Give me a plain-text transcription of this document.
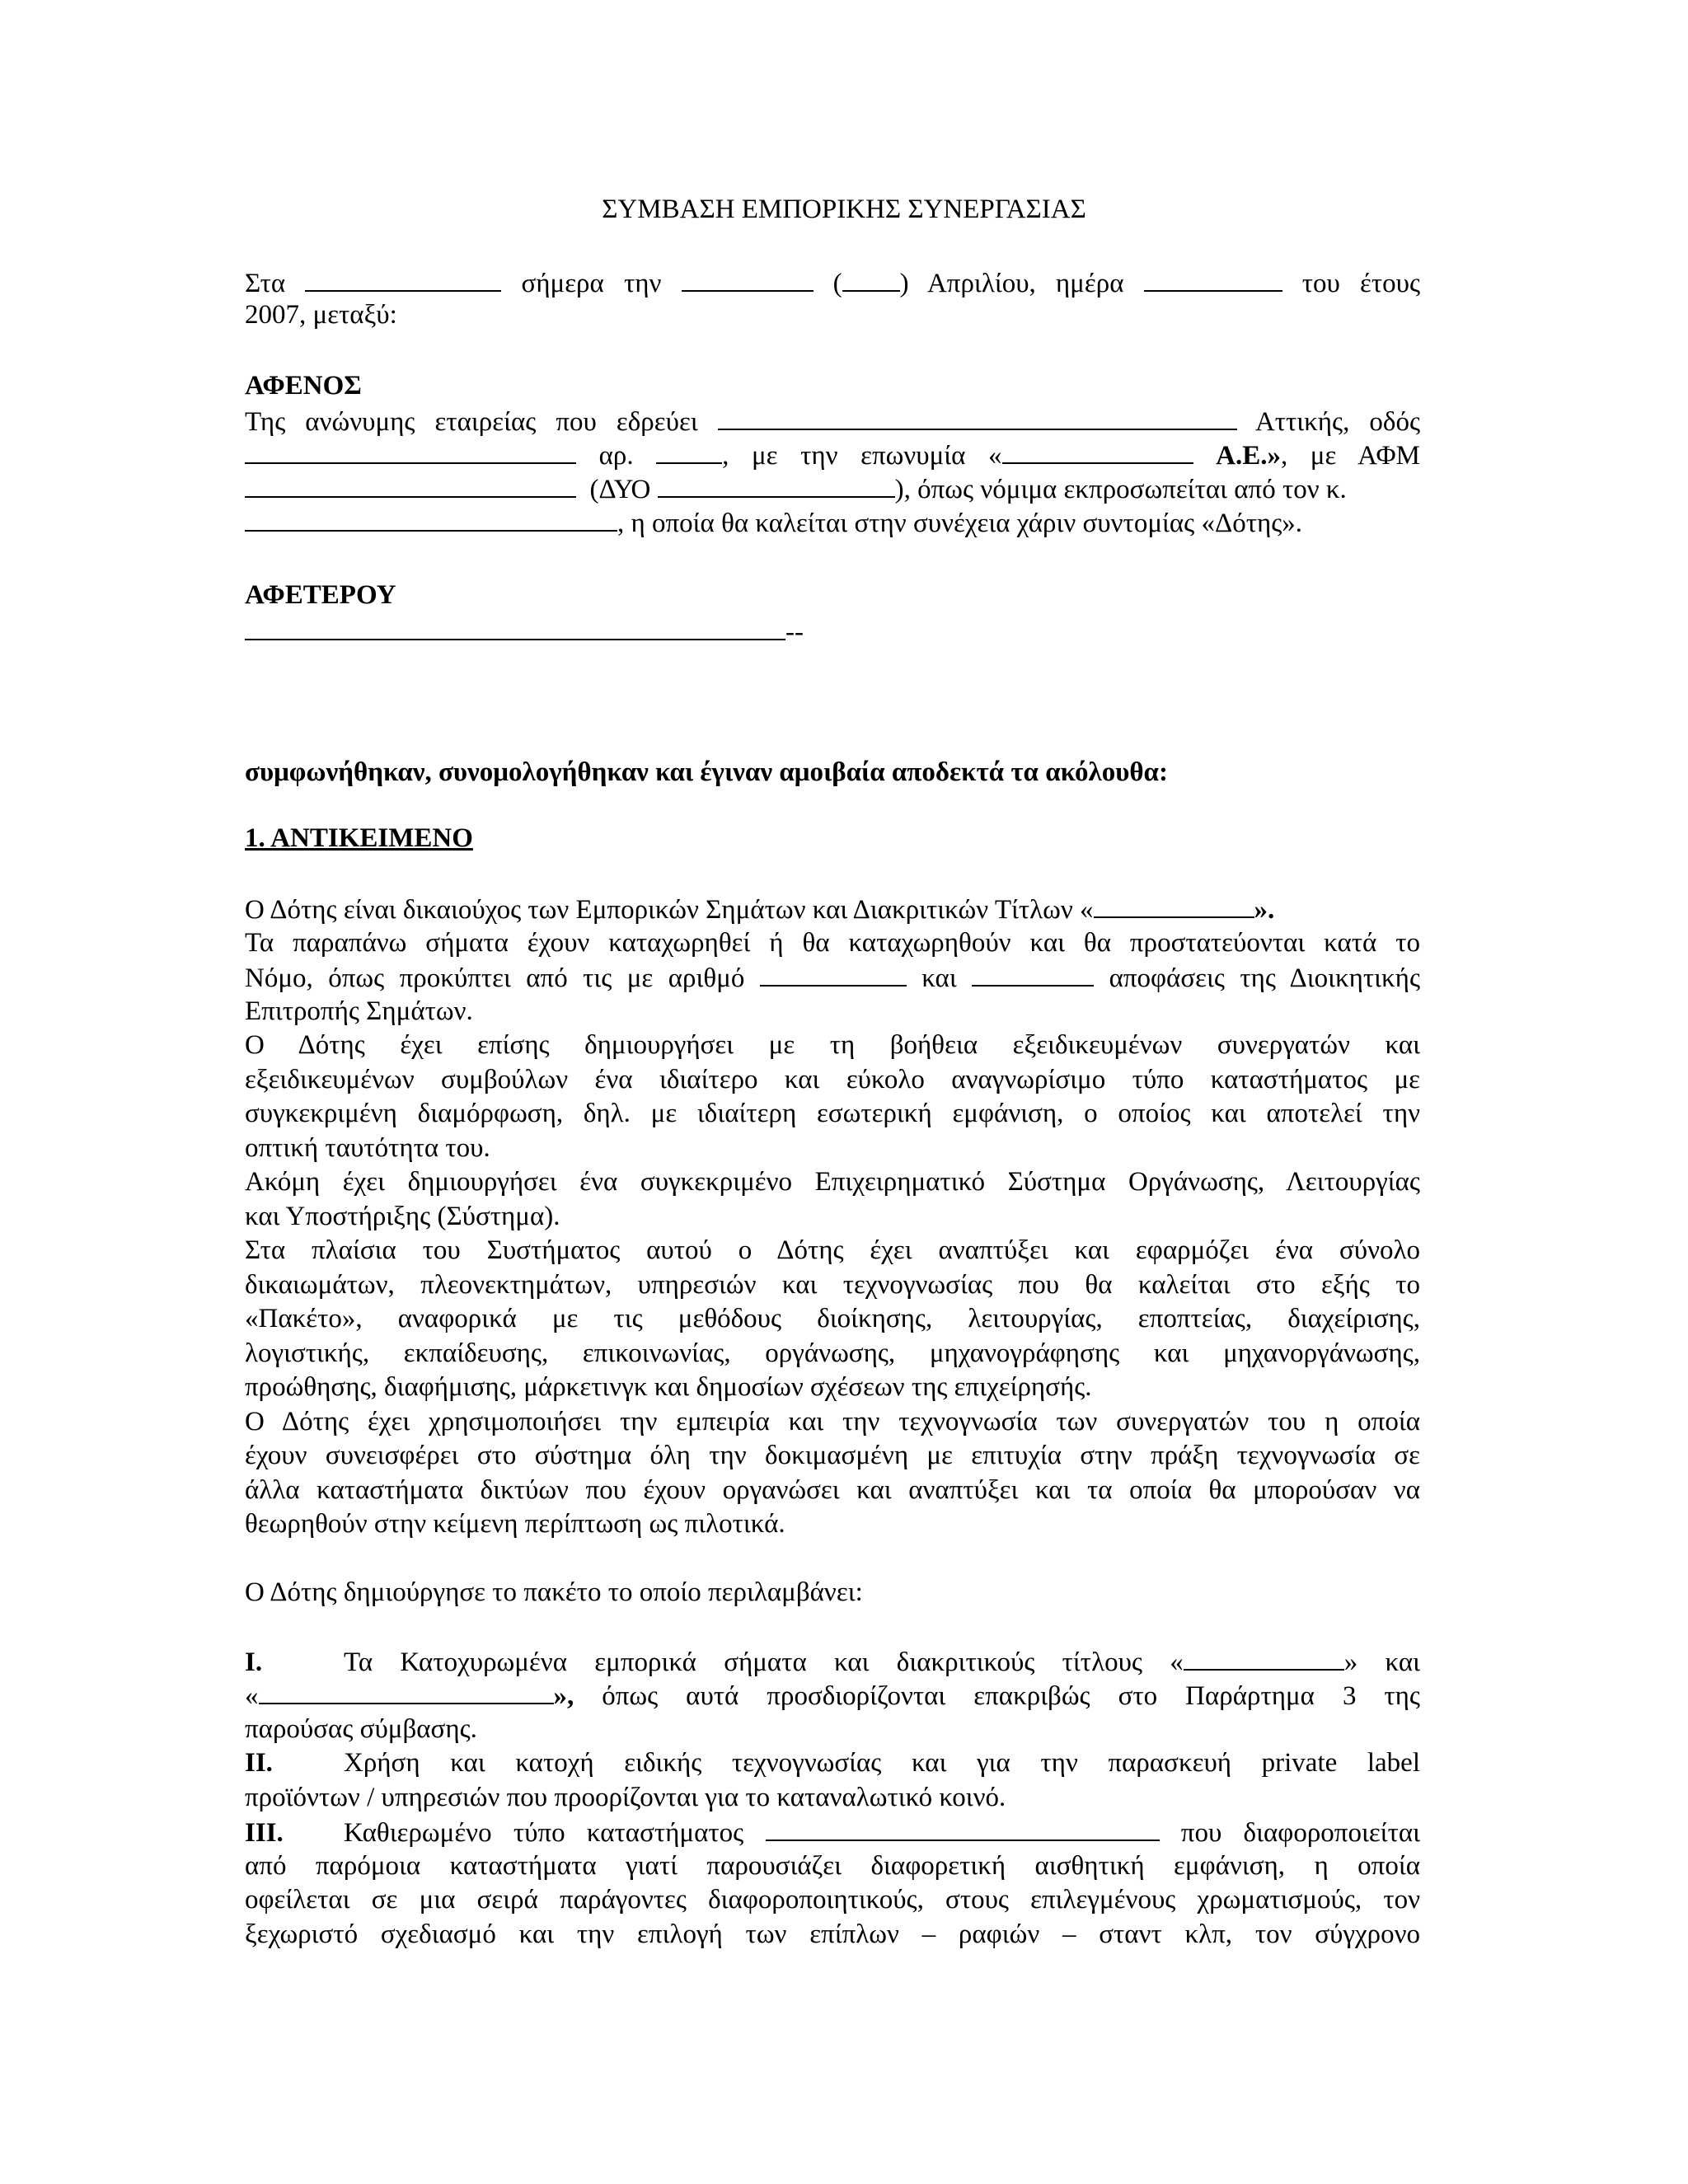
ΣΥΜΒΑΣΗ ΕΜΠΟΡΙΚΗΣ ΣΥΝΕΡΓΑΣΙΑΣ
Στα	σήμερα την	( ) Απριλίου, ημέρα	του έτους
2007, μεταξύ:
ΑΦΕΝΟΣ
Της ανώνυμης εταιρείας που εδρεύει	Αττικής, οδός
αρ.	, με την επωνυμία «	Α.Ε.», με ΑΦΜ
(ΔΥΟ	), όπως νόμιμα εκπροσωπείται από τον κ.
, η οποία θα καλείται στην συνέχεια χάριν συντομίας «Δότης».
ΑΦΕΤΕΡΟΥ
--
συμφωνήθηκαν, συνομολογήθηκαν και έγιναν αμοιβαία αποδεκτά τα ακόλουθα:
1. ΑΝΤΙΚΕΙΜΕΝΟ
Ο Δότης είναι δικαιούχος των Εμπορικών Σημάτων και Διακριτικών Τίτλων «	».
Τα παραπάνω σήματα έχουν καταχωρηθεί ή θα καταχωρηθούν και θα προστατεύονται κατά το
Νόμο, όπως προκύπτει από τις με αριθμό	και	αποφάσεις της Διοικητικής
Επιτροπής Σημάτων.
Ο Δότης έχει επίσης δημιουργήσει με τη βοήθεια εξειδικευμένων συνεργατών και
εξειδικευμένων συμβούλων ένα ιδιαίτερο και εύκολο αναγνωρίσιμο τύπο καταστήματος με
συγκεκριμένη διαμόρφωση, δηλ. με ιδιαίτερη εσωτερική εμφάνιση, ο οποίος και αποτελεί την
οπτική ταυτότητα του.
Ακόμη έχει δημιουργήσει ένα συγκεκριμένο Επιχειρηματικό Σύστημα Οργάνωσης, Λειτουργίας
και Υποστήριξης (Σύστημα).
Στα πλαίσια του Συστήματος αυτού ο Δότης έχει αναπτύξει και εφαρμόζει ένα σύνολο
δικαιωμάτων, πλεονεκτημάτων, υπηρεσιών και τεχνογνωσίας που θα καλείται στο εξής το
«Πακέτο», αναφορικά με τις μεθόδους διοίκησης, λειτουργίας, εποπτείας, διαχείρισης,
λογιστικής, εκπαίδευσης, επικοινωνίας, οργάνωσης, μηχανογράφησης και μηχανοργάνωσης,
προώθησης, διαφήμισης, μάρκετινγκ και δημοσίων σχέσεων της επιχείρησής.
Ο Δότης έχει χρησιμοποιήσει την εμπειρία και την τεχνογνωσία των συνεργατών του η οποία
έχουν συνεισφέρει στο σύστημα όλη την δοκιμασμένη με επιτυχία στην πράξη τεχνογνωσία σε
άλλα καταστήματα δικτύων που έχουν οργανώσει και αναπτύξει και τα οποία θα μπορούσαν να
θεωρηθούν στην κείμενη περίπτωση ως πιλοτικά.
Ο Δότης δημιούργησε το πακέτο το οποίο περιλαμβάνει:
Ι.	Τα Κατοχυρωμένα εμπορικά σήματα και διακριτικούς τίτλους «	» και
«	», όπως αυτά προσδιορίζονται επακριβώς στο Παράρτημα 3 της
παρούσας σύμβασης.
ΙΙ.	Χρήση και κατοχή ειδικής τεχνογνωσίας και για την παρασκευή private label
προϊόντων / υπηρεσιών που προορίζονται για το καταναλωτικό κοινό.
ΙΙΙ. Καθιερωμένο τύπο καταστήματος	που διαφοροποιείται
από παρόμοια καταστήματα γιατί παρουσιάζει διαφορετική αισθητική εμφάνιση, η οποία
οφείλεται σε μια σειρά παράγοντες διαφοροποιητικούς, στους επιλεγμένους χρωματισμούς, τον
ξεχωριστό σχεδιασμό και την επιλογή των επίπλων – ραφιών – σταντ κλπ, τον σύγχρονο
